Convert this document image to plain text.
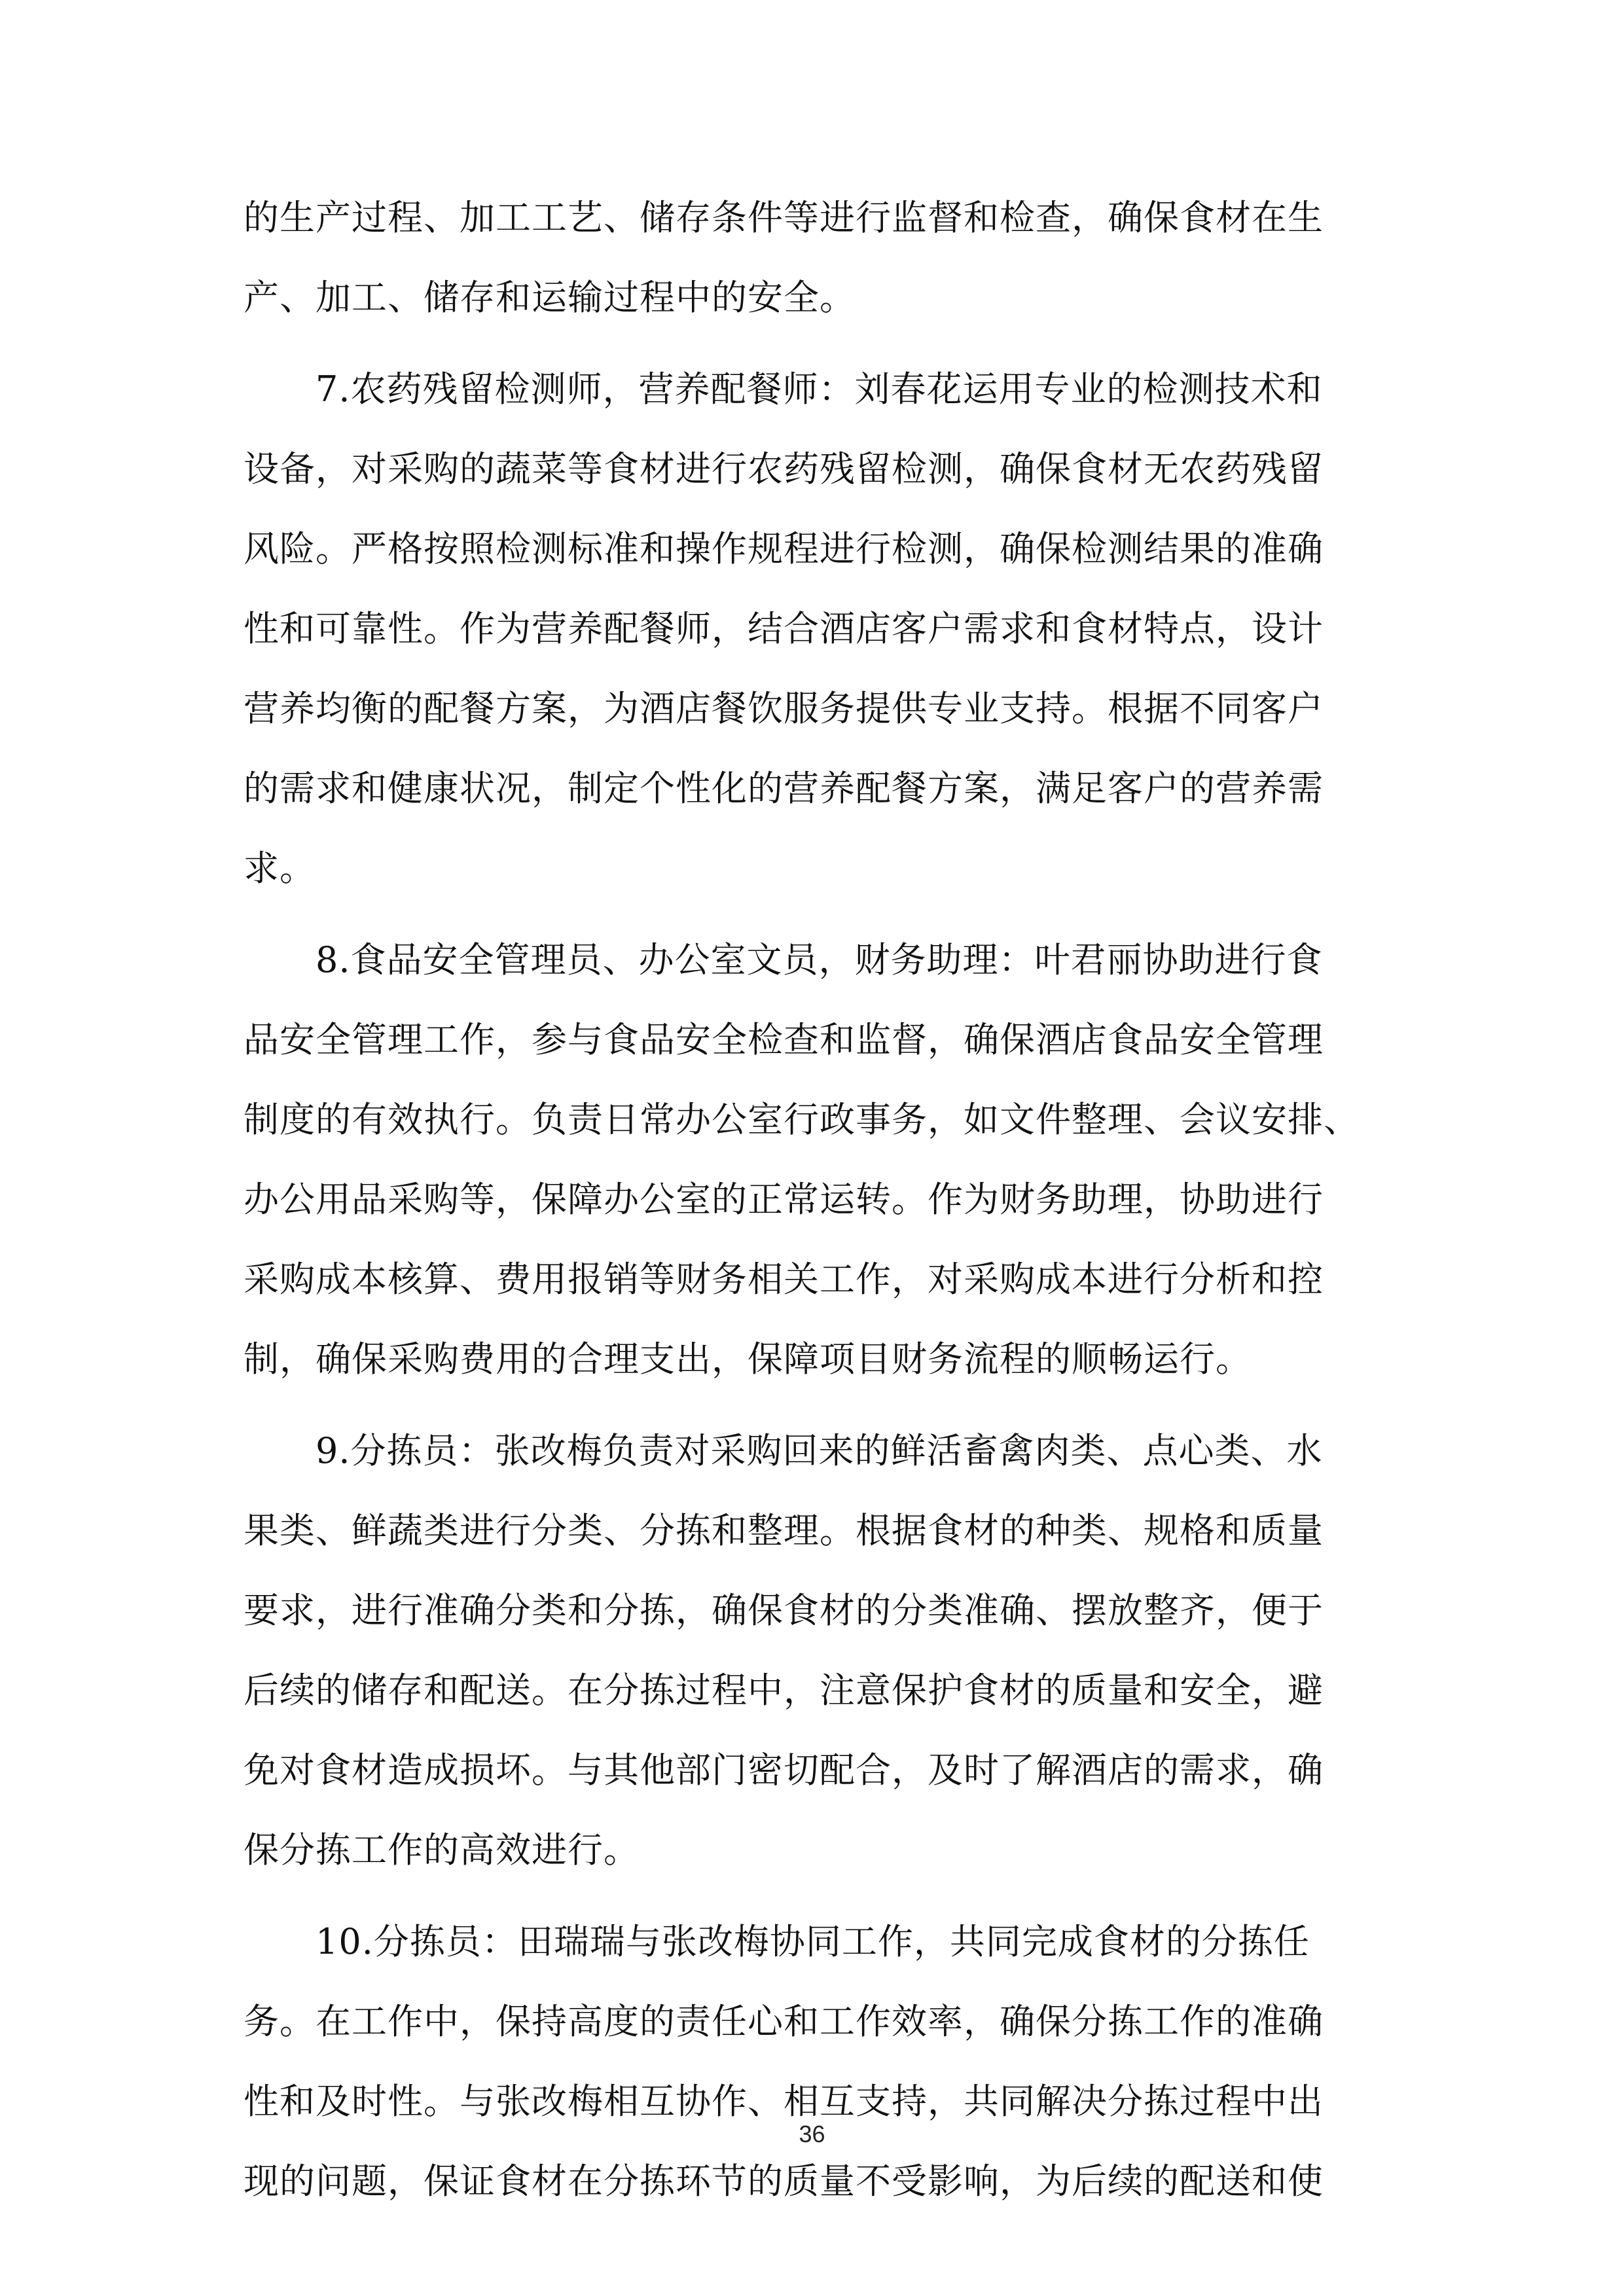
的生产过程、加工工艺、储存条件等进行监督和检查，确保食材在生
产、加工、储存和运输过程中的安全。
7.农药残留检测师，营养配餐师：刘春花运用专业的检测技术和
设备，对采购的蔬菜等食材进行农药残留检测，确保食材无农药残留
风险。严格按照检测标准和操作规程进行检测，确保检测结果的准确
性和可靠性。作为营养配餐师，结合酒店客户需求和食材特点，设计
营养均衡的配餐方案，为酒店餐饮服务提供专业支持。根据不同客户
的需求和健康状况，制定个性化的营养配餐方案，满足客户的营养需
求。
8.食品安全管理员、办公室文员，财务助理：叶君丽协助进行食
品安全管理工作，参与食品安全检查和监督，确保酒店食品安全管理
制度的有效执行。负责日常办公室行政事务，如文件整理、会议安排、
办公用品采购等，保障办公室的正常运转。作为财务助理，协助进行
采购成本核算、费用报销等财务相关工作，对采购成本进行分析和控
制，确保采购费用的合理支出，保障项目财务流程的顺畅运行。
9.分拣员：张改梅负责对采购回来的鲜活畜禽肉类、点心类、水
果类、鲜蔬类进行分类、分拣和整理。根据食材的种类、规格和质量
要求，进行准确分类和分拣，确保食材的分类准确、摆放整齐，便于
后续的储存和配送。在分拣过程中，注意保护食材的质量和安全，避
免对食材造成损坏。与其他部门密切配合，及时了解酒店的需求，确
保分拣工作的高效进行。
10.分拣员：田瑞瑞与张改梅协同工作，共同完成食材的分拣任
务。在工作中，保持高度的责任心和工作效率，确保分拣工作的准确
性和及时性。与张改梅相互协作、相互支持，共同解决分拣过程中出
现的问题，保证食材在分拣环节的质量不受影响，为后续的配送和使
36
